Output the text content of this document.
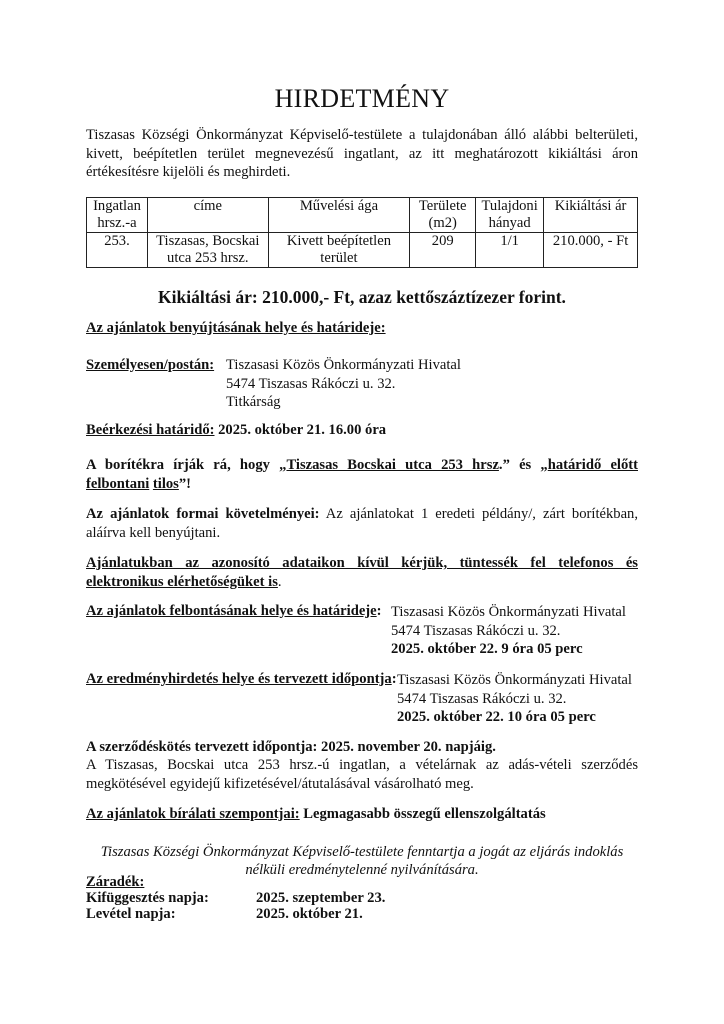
HIRDETMÉNY
Tiszasas Községi Önkormányzat Képviselő-testülete a tulajdonában álló alábbi belterületi, kivett, beépítetlen terület megnevezésű ingatlant, az itt meghatározott kikiáltási áron értékesítésre kijelöli és meghirdeti.
Ingatlan hrsz.-a	címe	Művelési ága	Területe (m2)	Tulajdoni hányad	Kikiáltási ár
253.	Tiszasas, Bocskai utca 253 hrsz.	Kivett beépítetlen terület	209	1/1	210.000, - Ft
Kikiáltási ár: 210.000,- Ft, azaz kettőszáztízezer forint.
Az ajánlatok benyújtásának helye és határideje:
Személyesen/postán: Tiszasasi Közös Önkormányzati Hivatal
5474 Tiszasas Rákóczi u. 32.
Titkárság
Beérkezési határidő: 2025. október 21. 16.00 óra
A borítékra írják rá, hogy „Tiszasas Bocskai utca 253 hrsz.” és „határidő előtt felbontani tilos”!
Az ajánlatok formai követelményei: Az ajánlatokat 1 eredeti példány/, zárt borítékban, aláírva kell benyújtani.
Ajánlatukban az azonosító adataikon kívül kérjük, tüntessék fel telefonos és elektronikus elérhetőségüket is.
Az ajánlatok felbontásának helye és határideje: Tiszasasi Közös Önkormányzati Hivatal
5474 Tiszasas Rákóczi u. 32.
2025. október 22. 9 óra 05 perc
Az eredményhirdetés helye és tervezett időpontja: Tiszasasi Közös Önkormányzati Hivatal
5474 Tiszasas Rákóczi u. 32.
2025. október 22. 10 óra 05 perc
A szerződéskötés tervezett időpontja: 2025. november 20. napjáig.
A Tiszasas, Bocskai utca 253 hrsz.-ú ingatlan, a vételárnak az adás-vételi szerződés megkötésével egyidejű kifizetésével/átutalásával vásárolható meg.
Az ajánlatok bírálati szempontjai: Legmagasabb összegű ellenszolgáltatás
Tiszasas Községi Önkormányzat Képviselő-testülete fenntartja a jogát az eljárás indoklás nélküli eredménytelenné nyilvánítására.
Záradék:
Kifüggesztés napja:	2025. szeptember 23.
Levétel napja:	2025. október 21.
